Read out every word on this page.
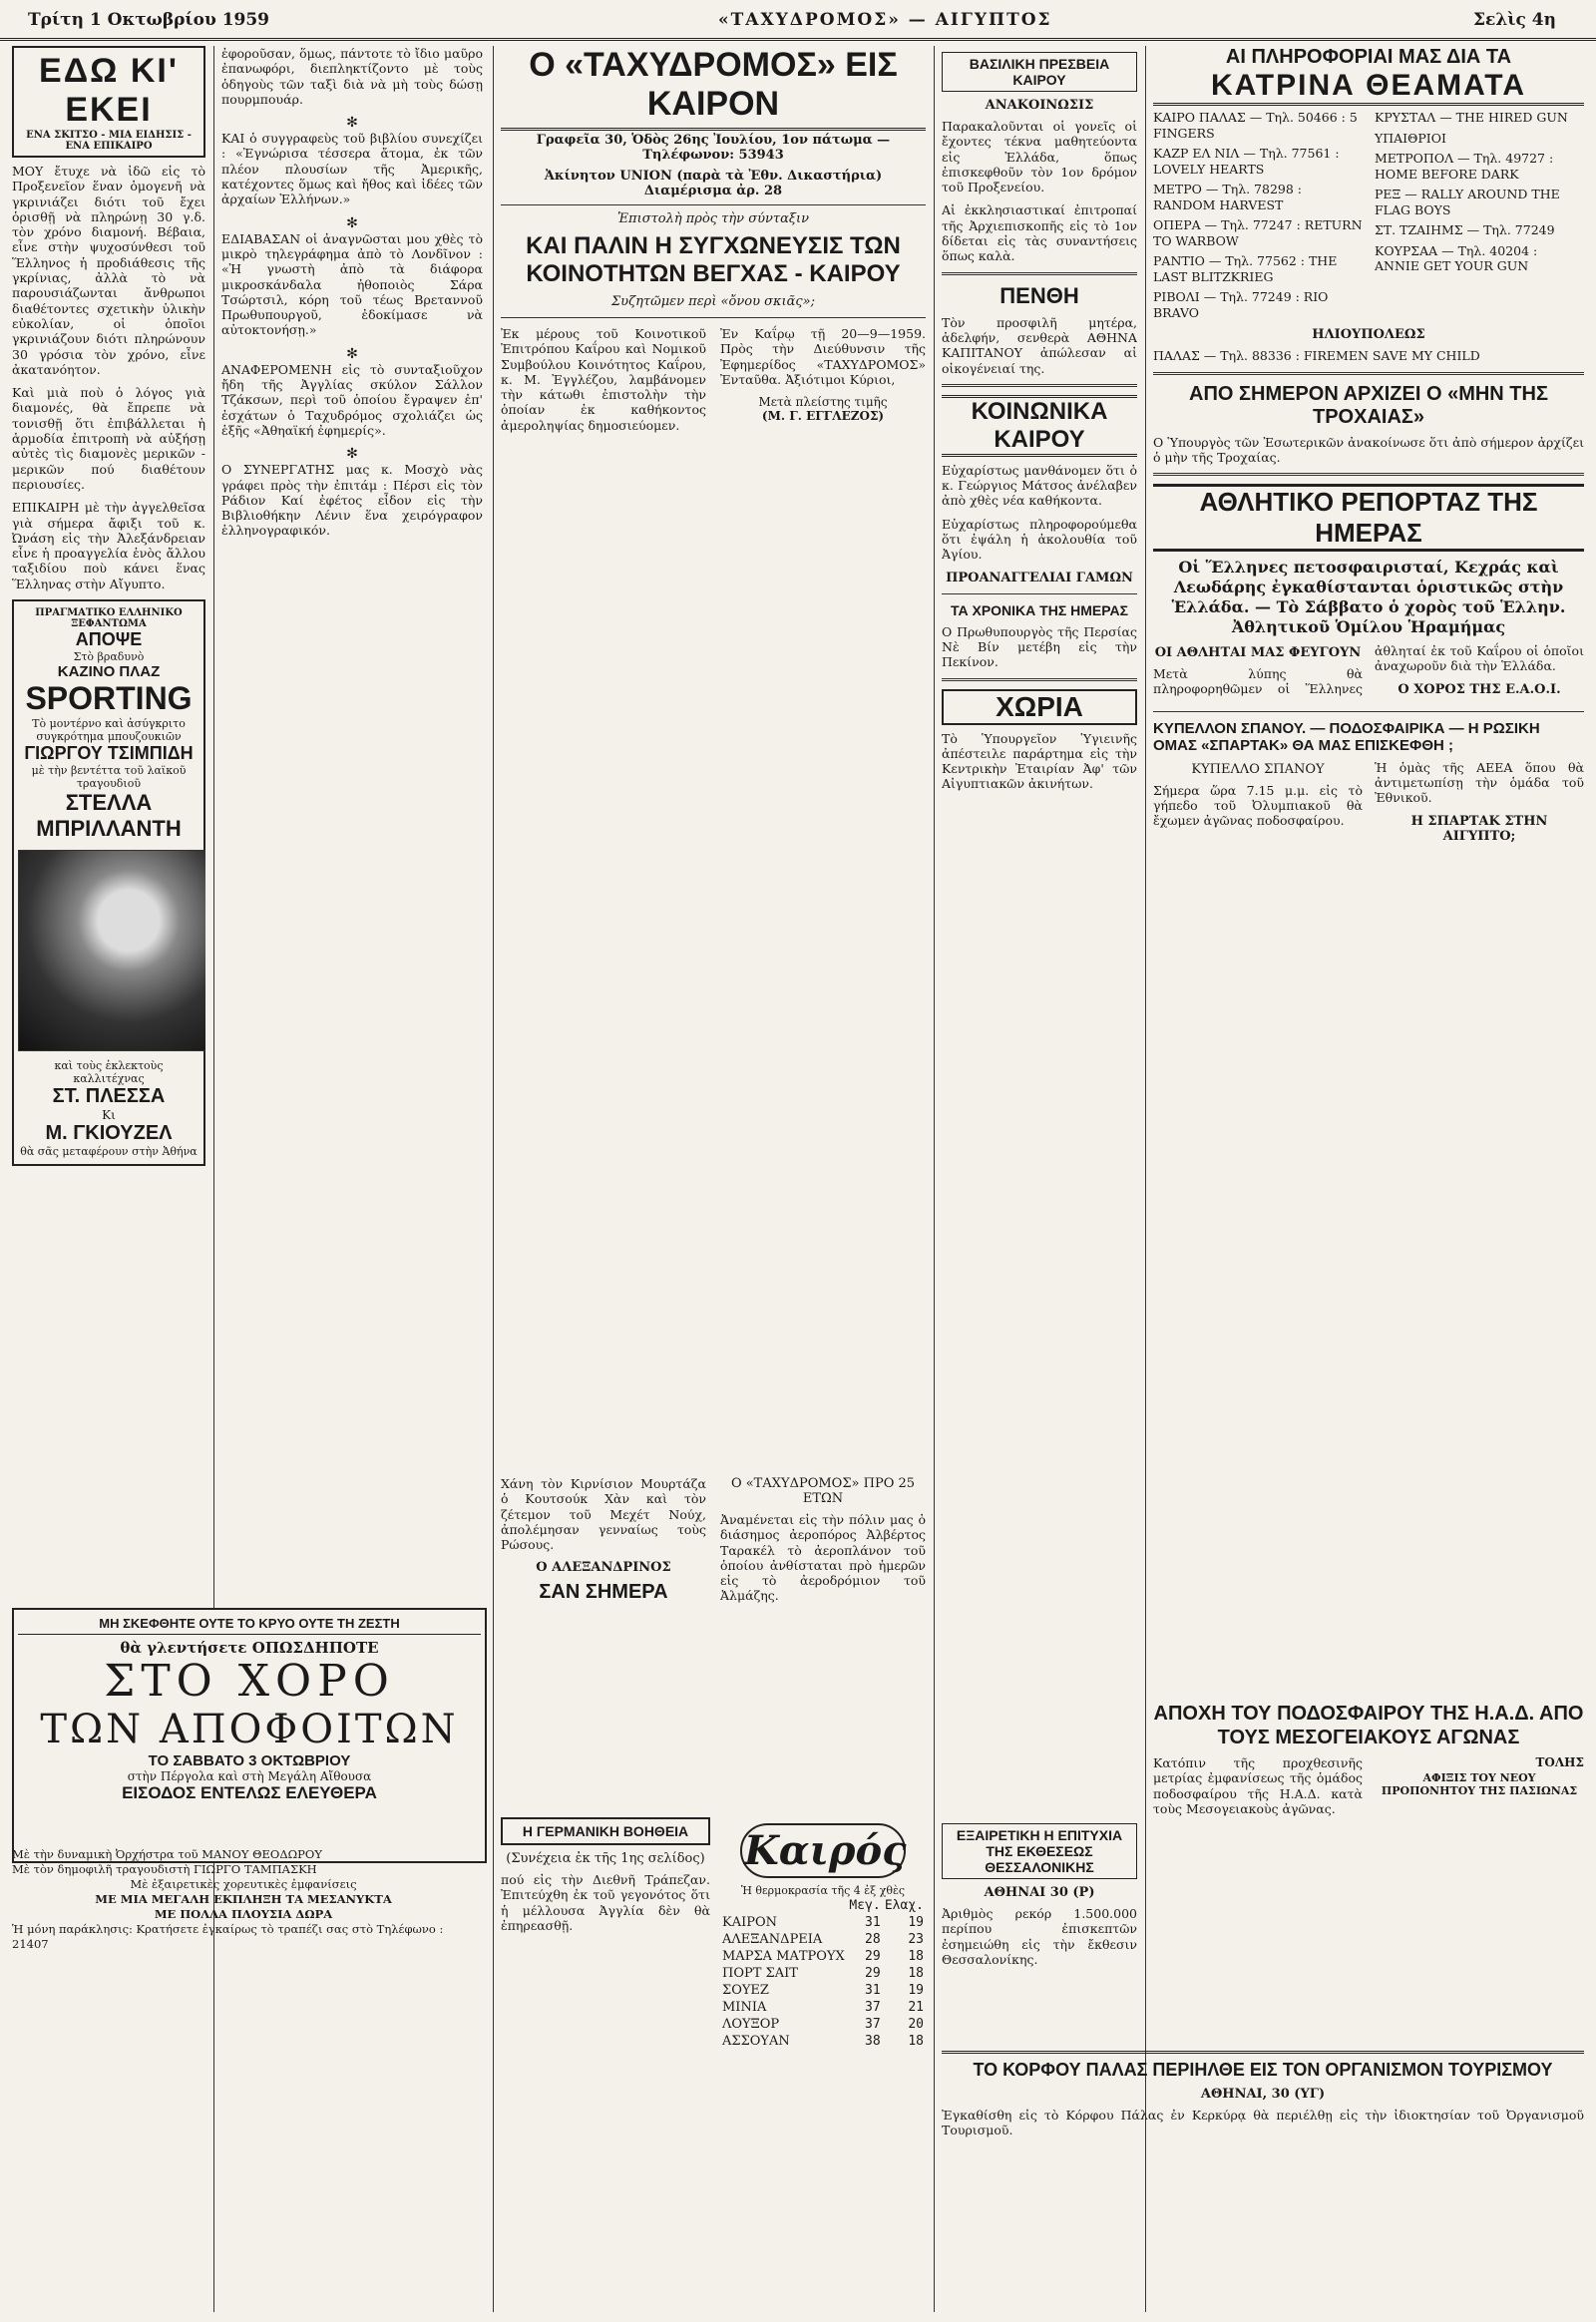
Τρίτη 1 Οκτωβρίου 1959	«ΤΑΧΥΔΡΟΜΟΣ» — ΑΙΓΥΠΤΟΣ	Σελὶς 4η
ΕΔΩ ΚΙ' ΕΚΕΙ
ΕΝΑ ΣΚΙΤΣΟ - ΜΙΑ ΕΙΔΗΣΙΣ - ΕΝΑ ΕΠΙΚΑΙΡΟ

ΜΟΥ ἔτυχε νὰ ἰδῶ εἰς τὸ Προξενεῖον ἕναν ὁμογενῆ νὰ γκρινιάζει διότι τοῦ ἔχει ὁρισθῇ νὰ πληρώνῃ 30 γ.δ. τὸν χρόνο διαμονή. Βέβαια, εἶνε στὴν ψυχοσύνθεσι τοῦ Ἕλληνος ἡ προδιάθεσις τῆς γκρίνιας, ἀλλὰ τὸ νὰ παρουσιάζωνται ἄνθρωποι διαθέτοντες σχετικὴν ὑλικὴν εὐκολίαν, οἱ ὁποῖοι γκρινιάζουν διότι πληρώνουν 30 γρόσια τὸν χρόνο, εἶνε ἀκατανόητον.

Καὶ μιὰ ποὺ ὁ λόγος γιὰ διαμονές, θὰ ἔπρεπε νὰ τονισθῇ ὅτι ἐπιβάλλεται ἡ ἁρμοδία ἐπιτροπὴ νὰ αὐξήσῃ αὐτὲς τὶς διαμονὲς μερικῶν - μερικῶν πού διαθέτουν περιουσίες.

ΕΠΙΚΑΙΡΗ μὲ τὴν ἀγγελθεῖσα γιὰ σήμερα ἄφιξι τοῦ κ. Ὠνάση εἰς τὴν Ἀλεξάνδρειαν εἶνε ἡ προαγγελία ἑνὸς ἄλλου ταξιδίου ποὺ κάνει ἕνας Ἕλληνας στὴν Αἴγυπτο.

ΠΡΑΓΜΑΤΙΚΟ ΕΛΛΗΝΙΚΟ ΞΕΦΑΝΤΩΜΑ
ΑΠΟΨΕ
Στὸ βραδυνὸ
ΚΑΖΙΝΟ ΠΛΑΖ
SPORTING
Τὸ μοντέρνο καὶ ἀσύγκριτο συγκρότημα μπουζουκιῶν
ΓΙΩΡΓΟΥ ΤΣΙΜΠΙΔΗ
μὲ τὴν βεντέττα τοῦ λαϊκοῦ τραγουδιοῦ
ΣΤΕΛΛΑ ΜΠΡΙΛΛΑΝΤΗ
καὶ τοὺς ἐκλεκτοὺς καλλιτέχνας
ΣΤ. ΠΛΕΣΣΑ
Κι
Μ. ΓΚΙΟΥΖΕΛ
θὰ σᾶς μεταφέρουν στὴν Ἀθήνα
ΜΗ ΣΚΕΦΘΗΤΕ ΟΥΤΕ ΤΟ ΚΡΥΟ ΟΥΤΕ ΤΗ ΖΕΣΤΗ
θὰ γλεντήσετε ΟΠΩΣΔΗΠΟΤΕ
ΣΤΟ ΧΟΡΟ
ΤΩΝ ΑΠΟΦΟΙΤΩΝ
ΤΟ ΣΑΒΒΑΤΟ 3 ΟΚΤΩΒΡΙΟΥ
στὴν Πέργολα καὶ στὴ Μεγάλη Αἴθουσα
ΕΙΣΟΔΟΣ ΕΝΤΕΛΩΣ ΕΛΕΥΘΕΡΑ
Μὲ τὴν δυναμικὴ Ὀρχήστρα τοῦ ΜΑΝΟΥ ΘΕΟΔΩΡΟΥ
Μὲ τὸν δημοφιλῆ τραγουδιστὴ ΓΙΩΡΓΟ ΤΑΜΠΑΣΚΗ
Μὲ ἐξαιρετικὲς χορευτικὲς ἐμφανίσεις
ΜΕ ΜΙΑ ΜΕΓΑΛΗ ΕΚΠΛΗΞΗ ΤΑ ΜΕΣΑΝΥΚΤΑ
ΜΕ ΠΟΛΛΑ ΠΛΟΥΣΙΑ ΔΩΡΑ
Ἡ μόνη παράκλησις: Κρατήσετε ἐγκαίρως τὸ τραπέζι σας στὸ Τηλέφωνο : 21407

ἐφοροῦσαν, ὅμως, πάντοτε τὸ ἴδιο μαῦρο ἐπανωφόρι, διεπληκτίζοντο μὲ τοὺς ὁδηγοὺς τῶν ταξὶ διὰ νὰ μὴ τοὺς δώσῃ πουρμπουάρ.

✻

ΚΑΙ ὁ συγγραφεὺς τοῦ βιβλίου συνεχίζει : «Ἐγνώρισα τέσσερα ἄτομα, ἐκ τῶν πλέον πλουσίων τῆς Ἀμερικῆς, κατέχοντες ὅμως καὶ ἤθος καὶ ἰδέες τῶν ἀρχαίων Ἑλλήνων.»

✻

ΕΔΙΑΒΑΣΑΝ οἱ ἀναγνῶσται μου χθὲς τὸ μικρὸ τηλεγράφημα ἀπὸ τὸ Λονδῖνον : «Ἡ γνωστὴ ἀπὸ τὰ διάφορα μικροσκάνδαλα ἠθοποιὸς Σάρα Τσώρτσιλ, κόρη τοῦ τέως Βρεταννοῦ Πρωθυπουργοῦ, ἐδοκίμασε νὰ αὐτοκτονήσῃ.»

✻

ΑΝΑΦΕΡΟΜΕΝΗ εἰς τὸ συνταξιοῦχον ἤδη τῆς Ἀγγλίας σκύλον Σάλλον Τζάκσων, περὶ τοῦ ὁποίου ἔγραψεν ἐπ' ἐσχάτων ὁ Ταχυδρόμος σχολιάζει ὡς ἑξῆς «Ἀθηαϊκή ἐφημερίς».

✻

Ο ΣΥΝΕΡΓΑΤΗΣ μας κ. Μοσχὸ νὰς γράφει πρὸς τὴν ἐπιτάμ : Πέρσι εἰς τὸν Ράδιον Καί ἐφέτος εἶδον εἰς τὴν Βιβλιοθήκην Λένιν ἕνα χειρόγραφον ἑλληνογραφικόν.

Ο «ΤΑΧΥΔΡΟΜΟΣ» ΕΙΣ ΚΑΙΡΟΝ
Γραφεῖα 30, Ὁδὸς 26ης Ἰουλίου, 1ον πάτωμα — Τηλέφωνον: 53943
Ἀκίνητον UNION (παρὰ τὰ Ἐθν. Δικαστήρια) Διαμέρισμα ἀρ. 28
Ἐπιστολὴ πρὸς τὴν σύνταξιν
ΚΑΙ ΠΑΛΙΝ Η ΣΥΓΧΩΝΕΥΣΙΣ ΤΩΝ ΚΟΙΝΟΤΗΤΩΝ ΒΕΓΧΑΣ - ΚΑΙΡΟΥ
Συζητῶμεν περὶ «ὄνου σκιᾶς»;

Ἐκ μέρους τοῦ Κοινοτικοῦ Ἐπιτρόπου Καΐρου καὶ Νομικοῦ Συμβούλου Κοινότητος Καΐρου, κ. Μ. Ἐγγλέζου, λαμβάνομεν τὴν κάτωθι ἐπιστολὴν τὴν ὁποίαν ἐκ καθήκοντος ἀμεροληψίας δημοσιεύομεν.

Ἐν Καΐρῳ τῇ 20—9—1959. Πρὸς τὴν Διεύθυνσιν τῆς Ἐφημερίδος «ΤΑΧΥΔΡΟΜΟΣ» Ἐνταῦθα. Ἀξιότιμοι Κύριοι,

Μετὰ πλείστης τιμῆς
(Μ. Γ. ΕΓΓΛΕΖΟΣ)

Χάνη τὸν Κιρνίσιον Μουρτάζα ὁ Κουτσούκ Χὰν καὶ τὸν ζέτεμον τοῦ Μεχέτ Νούχ, ἀπολέμησαν γενναίως τοὺς Ρώσους.

Ο ΑΛΕΞΑΝΔΡΙΝΟΣ
ΣΑΝ ΣΗΜΕΡΑ
Ο «ΤΑΧΥΔΡΟΜΟΣ» ΠΡΟ 25 ΕΤΩΝ

Ἀναμένεται εἰς τὴν πόλιν μας ὁ διάσημος ἀεροπόρος Ἀλβέρτος Ταρακέλ τὸ ἀεροπλάνον τοῦ ὁποίου ἀνθίσταται πρὸ ἡμερῶν εἰς τὸ ἀεροδρόμιον τοῦ Ἀλμάζης.

Η ΓΕΡΜΑΝΙΚΗ ΒΟΗΘΕΙΑ
(Συνέχεια ἐκ τῆς 1ης σελίδος)

πού εἰς τὴν Διεθνῆ Τράπεζαν. Ἐπιτεύχθη ἐκ τοῦ γεγονότος ὅτι ἡ μέλλουσα Ἀγγλία δὲν θὰ ἐπηρεασθῇ.

Καιρός
Ἡ θερμοκρασία τῆς 4 ἐξ χθὲς
	Μεγ.	Ελαχ.
ΚΑΙΡΟΝ	31	19
ΑΛΕΞΑΝΔΡΕΙΑ	28	23
ΜΑΡΣΑ ΜΑΤΡΟΥΧ	29	18
ΠΟΡΤ ΣΑΙΤ	29	18
ΣΟΥΕΖ	31	19
ΜΙΝΙΑ	37	21
ΛΟΥΞΟΡ	37	20
ΑΣΣΟΥΑΝ	38	18
ΒΑΣΙΛΙΚΗ ΠΡΕΣΒΕΙΑ ΚΑΙΡΟΥ
ΑΝΑΚΟΙΝΩΣΙΣ

Παρακαλοῦνται οἱ γονεῖς οἱ ἔχοντες τέκνα μαθητεύοντα εἰς Ἑλλάδα, ὅπως ἐπισκεφθοῦν τὸν 1ον δρόμον τοῦ Προξενείου.

Αἱ ἐκκλησιαστικαί ἐπιτροπαί τῆς Ἀρχιεπισκοπῆς εἰς τὸ 1ον δίδεται εἰς τὰς συναντήσεις ὅπως καλὰ.

ΠΕΝΘΗ

Τὸν προσφιλῆ μητέρα, ἀδελφήν, σενθερὰ ΑΘΗΝΑ ΚΑΠΙΤΑΝΟΥ ἀπώλεσαν αἱ οἰκογένειαί της.

ΚΟΙΝΩΝΙΚΑ ΚΑΙΡΟΥ

Εὐχαρίστως μανθάνομεν ὅτι ὁ κ. Γεώργιος Μάτσος ἀνέλαβεν ἀπὸ χθὲς νέα καθήκοντα.

Εὐχαρίστως πληροφορούμεθα ὅτι ἐψάλη ἡ ἀκολουθία τοῦ Ἀγίου.

ΠΡΟΑΝΑΓΓΕΛΙΑΙ ΓΑΜΩΝ
ΤΑ ΧΡΟΝΙΚΑ ΤΗΣ ΗΜΕΡΑΣ

Ο Πρωθυπουργὸς τῆς Περσίας Νὲ Βίν μετέβη εἰς τὴν Πεκίνον.

ΧΩΡΙΑ

Τὸ Ὑπουργεῖον Ὑγιεινῆς ἀπέστειλε παράρτημα εἰς τὴν Κεντρικὴν Ἐταιρίαν Ἀφ' τῶν Αἰγυπτιακῶν ἀκινήτων.

ΕΞΑΙΡΕΤΙΚΗ Η ΕΠΙΤΥΧΙΑ ΤΗΣ ΕΚΘΕΣΕΩΣ ΘΕΣΣΑΛΟΝΙΚΗΣ
ΑΘΗΝΑΙ 30 (Ρ)

Ἀριθμὸς ρεκόρ 1.500.000 περίπου ἐπισκεπτῶν ἐσημειώθη εἰς τὴν ἔκθεσιν Θεσσαλονίκης.

ΑΙ ΠΛΗΡΟΦΟΡΙΑΙ ΜΑΣ ΔΙΑ ΤΑ
ΚΑΤΡΙΝΑ ΘΕΑΜΑΤΑ
ΚΑΙΡΟ ΠΑΛΑΣ — Τηλ. 50466 : 5 FINGERS
ΚΑΖΡ ΕΛ ΝΙΛ — Τηλ. 77561 : LOVELY HEARTS
ΜΕΤΡΟ — Τηλ. 78298 : RANDOM HARVEST
ΟΠΕΡΑ — Τηλ. 77247 : RETURN TO WARBOW
ΡΑΝΤΙΟ — Τηλ. 77562 : THE LAST BLITZKRIEG
ΡΙΒΟΛΙ — Τηλ. 77249 : RIO BRAVO
ΚΡΥΣΤΑΛ — THE HIRED GUN
ΥΠΑΙΘΡΙΟΙ
ΜΕΤΡΟΠΟΛ — Τηλ. 49727 : HOME BEFORE DARK
ΡΕΞ — RALLY AROUND THE FLAG BOYS
ΣΤ. ΤΖΑΙΗΜΣ — Τηλ. 77249
ΚΟΥΡΣΑΑ — Τηλ. 40204 : ANNIE GET YOUR GUN
ΗΛΙΟΥΠΟΛΕΩΣ
ΠΑΛΑΣ — Τηλ. 88336 : FIREMEN SAVE MY CHILD
ΑΠΟ ΣΗΜΕΡΟΝ ΑΡΧΙΖΕΙ Ο «ΜΗΝ ΤΗΣ ΤΡΟΧΑΙΑΣ»

Ο Ὑπουργὸς τῶν Ἐσωτερικῶν ἀνακοίνωσε ὅτι ἀπὸ σήμερον ἀρχίζει ὁ μὴν τῆς Τροχαίας.

ΑΘΛΗΤΙΚΟ ΡΕΠΟΡΤΑΖ ΤΗΣ ΗΜΕΡΑΣ
Οἱ Ἕλληνες πετοσφαιρισταί, Κεχράς καὶ Λεωδάρης ἐγκαθίστανται ὁριστικῶς στὴν Ἑλλάδα. — Τὸ Σάββατο ὁ χορὸς τοῦ Ἑλλην. Ἀθλητικοῦ Ὁμίλου Ἡραμήμας
ΟΙ ΑΘΛΗΤΑΙ ΜΑΣ ΦΕΥΓΟΥΝ

Μετὰ λύπης θὰ πληροφορηθῶμεν οἱ Ἕλληνες ἀθληταί ἐκ τοῦ Καΐρου οἱ ὁποῖοι ἀναχωροῦν διὰ τὴν Ἑλλάδα.

Ο ΧΟΡΟΣ ΤΗΣ Ε.Α.Ο.Ι.

ΚΥΠΕΛΛΟΝ ΣΠΑΝΟΥ. — ΠΟΔΟΣΦΑΙΡΙΚΑ — Η ΡΩΣΙΚΗ ΟΜΑΣ «ΣΠΑΡΤΑΚ» ΘΑ ΜΑΣ ΕΠΙΣΚΕΦΘΗ ;
ΚΥΠΕΛΛΟ ΣΠΑΝΟΥ

Σήμερα ὥρα 7.15 μ.μ. εἰς τὸ γήπεδο τοῦ Ὀλυμπιακοῦ θὰ ἔχωμεν ἀγῶνας ποδοσφαίρου.

Ἡ ὁμὰς τῆς ΑΕΕΑ ὅπου θὰ ἀντιμετωπίσῃ τὴν ὁμάδα τοῦ Ἐθνικοῦ.

Η ΣΠΑΡΤΑΚ ΣΤΗΝ ΑΙΓΥΠΤΟ;
ΑΠΟΧΗ ΤΟΥ ΠΟΔΟΣΦΑΙΡΟΥ ΤΗΣ Η.Α.Δ. ΑΠΟ ΤΟΥΣ ΜΕΣΟΓΕΙΑΚΟΥΣ ΑΓΩΝΑΣ

Κατόπιν τῆς προχθεσινῆς μετρίας ἐμφανίσεως τῆς ὁμάδος ποδοσφαίρου τῆς Η.Α.Δ. κατὰ τοὺς Μεσογειακοὺς ἀγῶνας.

ΤΟΛΗΣ
ΑΦΙΞΙΣ ΤΟΥ ΝΕΟΥ ΠΡΟΠΟΝΗΤΟΥ ΤΗΣ ΠΑΣΙΩΝΑΣ
ΤΟ ΚΟΡΦΟΥ ΠΑΛΑΣ ΠΕΡΙΗΛΘΕ ΕΙΣ ΤΟΝ ΟΡΓΑΝΙΣΜΟΝ ΤΟΥΡΙΣΜΟΥ
ΑΘΗΝΑΙ, 30 (ΥΓ)

Ἐγκαθίσθη εἰς τὸ Κόρφου Πάλας ἐν Κερκύρᾳ θὰ περιέλθῃ εἰς τὴν ἰδιοκτησίαν τοῦ Ὀργανισμοῦ Τουρισμοῦ.
